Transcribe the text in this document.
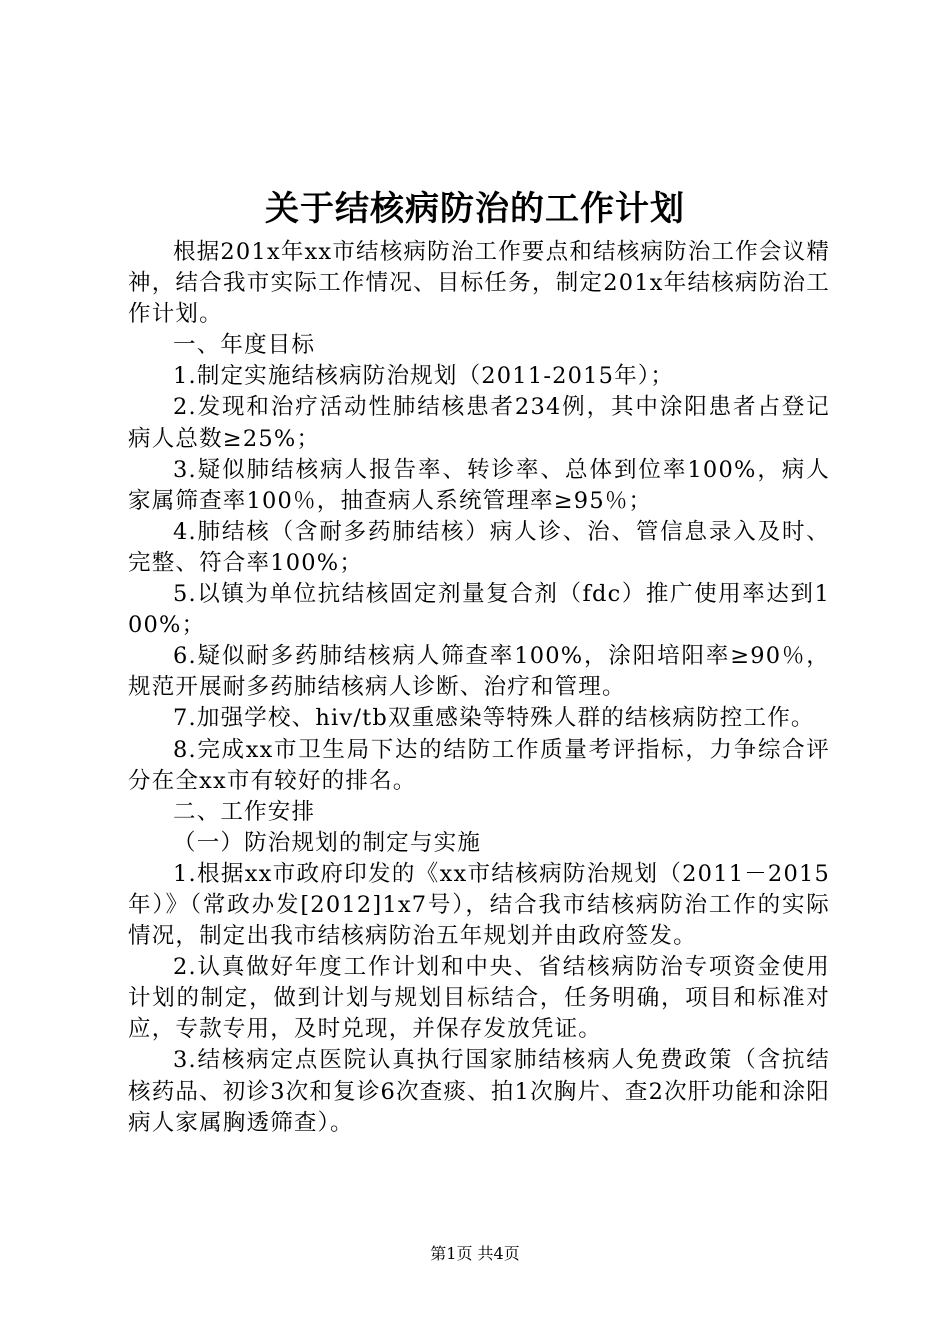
关于结核病防治的工作计划

根据201x年xx市结核病防治工作要点和结核病防治工作会议精神，结合我市实际工作情况、目标任务，制定201x年结核病防治工作计划。

一、年度目标

1.制定实施结核病防治规划（2011-2015年）；

2.发现和治疗活动性肺结核患者234例，其中涂阳患者占登记病人总数≥25%；

3.疑似肺结核病人报告率、转诊率、总体到位率100%，病人家属筛查率100％，抽查病人系统管理率≥95％；

4.肺结核（含耐多药肺结核）病人诊、治、管信息录入及时、完整、符合率100%；

5.以镇为单位抗结核固定剂量复合剂（fdc）推广使用率达到100%；

6.疑似耐多药肺结核病人筛查率100%，涂阳培阳率≥90％，规范开展耐多药肺结核病人诊断、治疗和管理。

7.加强学校、hiv/tb双重感染等特殊人群的结核病防控工作。

8.完成xx市卫生局下达的结防工作质量考评指标，力争综合评分在全xx市有较好的排名。

二、工作安排

（一）防治规划的制定与实施

1.根据xx市政府印发的《xx市结核病防治规划（2011－2015年）》（常政办发[2012]1x7号），结合我市结核病防治工作的实际情况，制定出我市结核病防治五年规划并由政府签发。

2.认真做好年度工作计划和中央、省结核病防治专项资金使用计划的制定，做到计划与规划目标结合，任务明确，项目和标准对应，专款专用，及时兑现，并保存发放凭证。

3.结核病定点医院认真执行国家肺结核病人免费政策（含抗结核药品、初诊3次和复诊6次查痰、拍1次胸片、查2次肝功能和涂阳病人家属胸透筛查）。

第1页 共4页
